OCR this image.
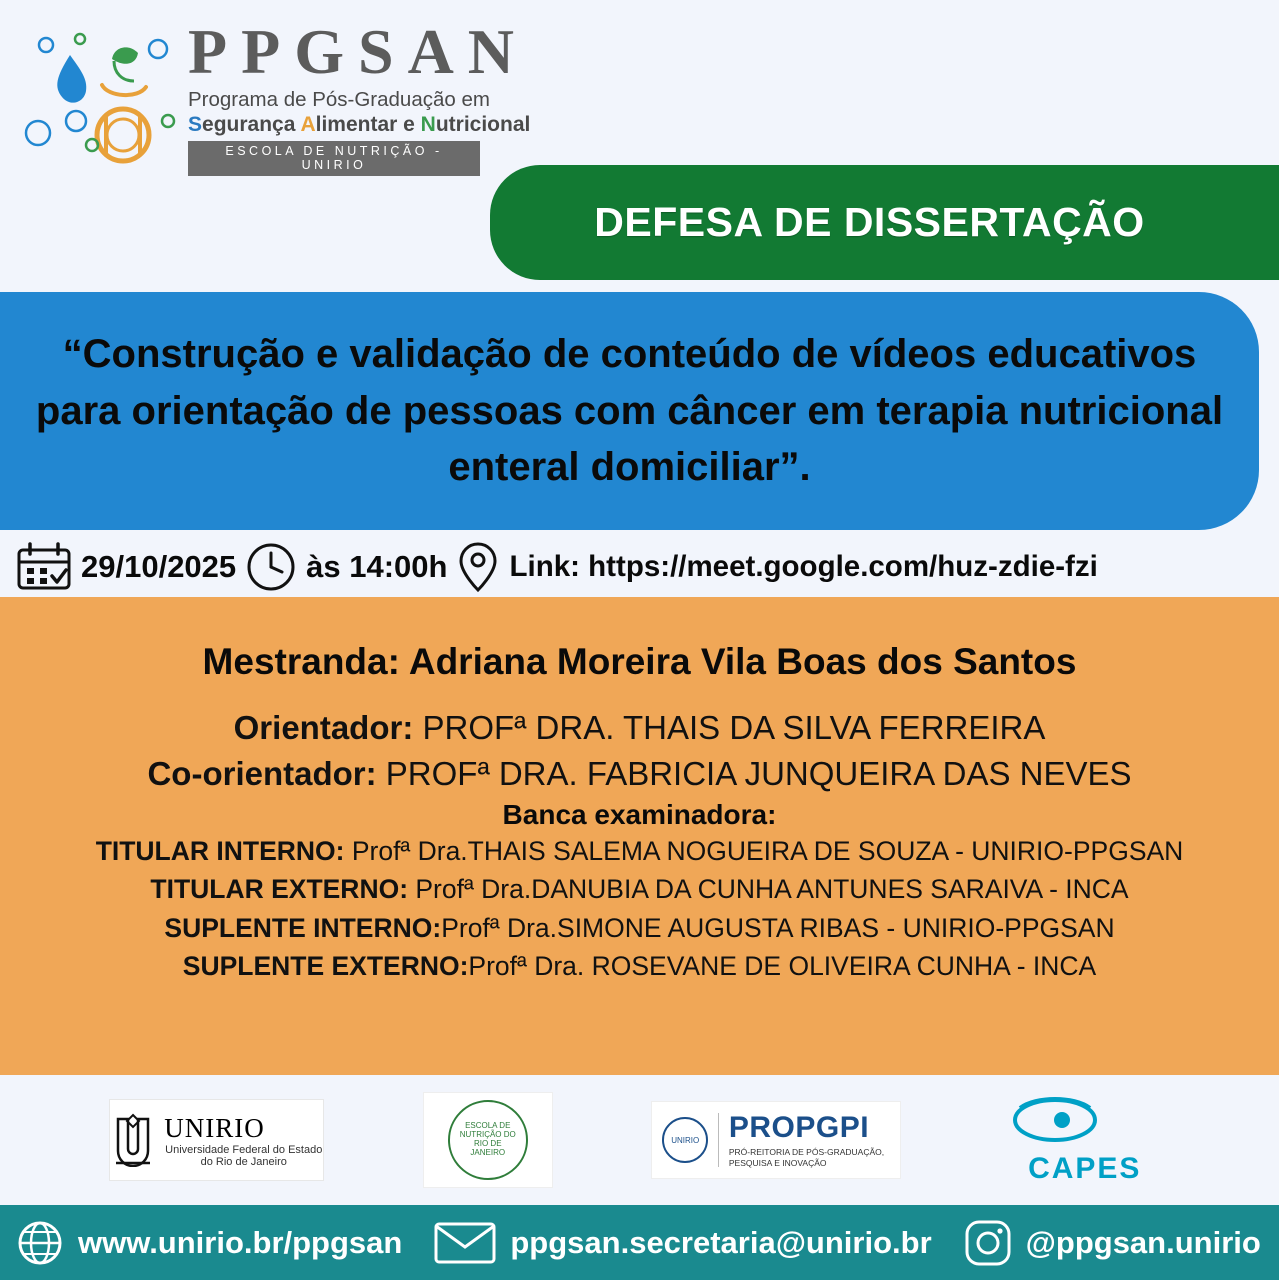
PPGSAN
Programa de Pós-Graduação em
Segurança Alimentar e Nutricional
ESCOLA DE NUTRIÇÃO - UNIRIO
DEFESA DE DISSERTAÇÃO
“Construção e validação de conteúdo de vídeos educativos para orientação de pessoas com câncer em terapia nutricional enteral domiciliar”.
29/10/2025 às 14:00h Link: https://meet.google.com/huz-zdie-fzi
Mestranda: Adriana Moreira Vila Boas dos Santos
Orientador: PROFª DRA. THAIS DA SILVA FERREIRA
Co-orientador: PROFª DRA. FABRICIA JUNQUEIRA DAS NEVES
Banca examinadora:
TITULAR INTERNO: Profª Dra.THAIS SALEMA NOGUEIRA DE SOUZA - UNIRIO-PPGSAN
TITULAR EXTERNO: Profª Dra.DANUBIA DA CUNHA ANTUNES SARAIVA - INCA
SUPLENTE INTERNO:Profª Dra.SIMONE AUGUSTA RIBAS - UNIRIO-PPGSAN
SUPLENTE EXTERNO:Profª Dra. ROSEVANE DE OLIVEIRA CUNHA - INCA
UNIRIO
Universidade Federal do Estado do Rio de Janeiro
ESCOLA DE NUTRIÇÃO DO RIO DE JANEIRO
UNIRIO PROPGPI
PRÓ-REITORIA DE PÓS-GRADUAÇÃO, PESQUISA E INOVAÇÃO	CAPES
www.unirio.br/ppgsan	ppgsan.secretaria@unirio.br	@ppgsan.unirio
